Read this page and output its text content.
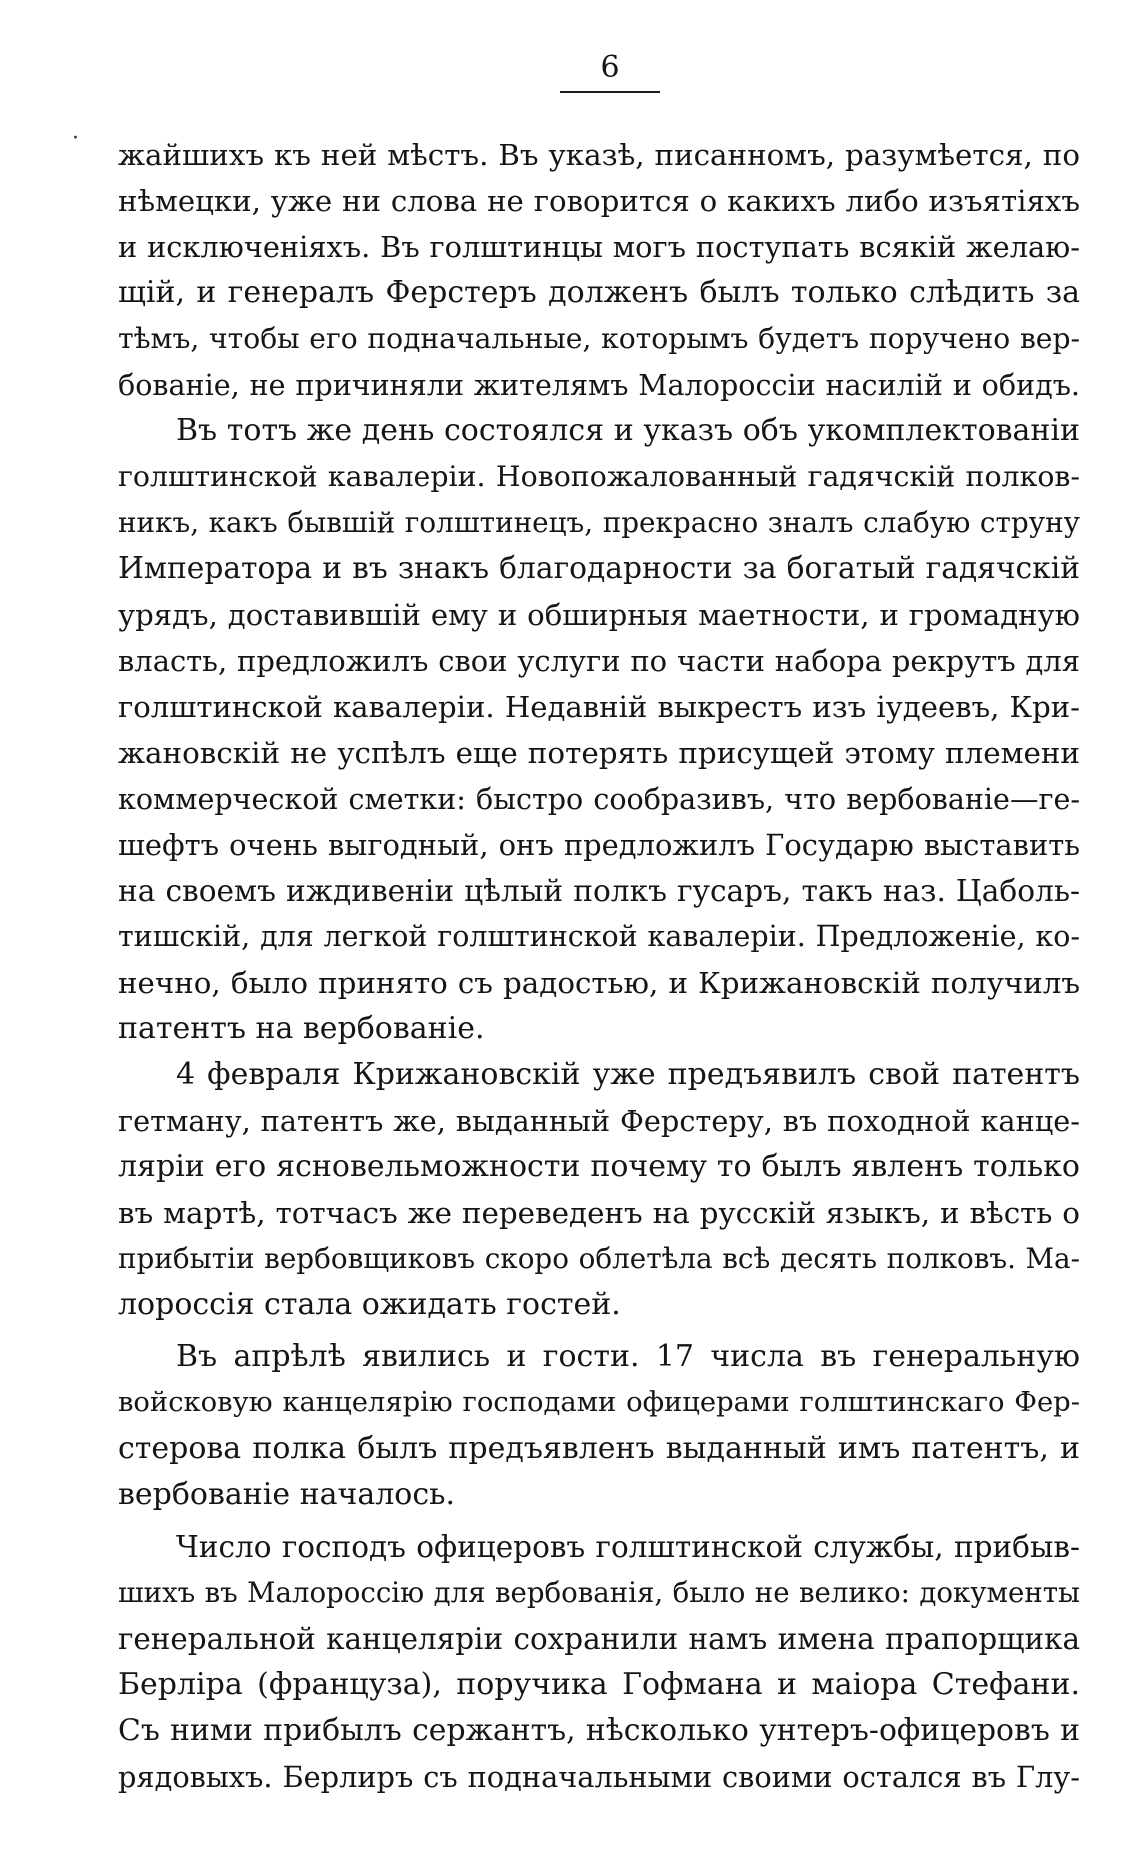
6
· жайшихъ къ ней мѣстъ. Въ указѣ, писанномъ, разумѣется, по
нѣмецки, уже ни слова не говорится о какихъ либо изъятіяхъ
и исключеніяхъ. Въ голштинцы могъ поступать всякій желаю-
щій, и генералъ Ферстеръ долженъ былъ только слѣдить за
тѣмъ, чтобы его подначальные, которымъ будетъ поручено вер-
бованіе, не причиняли жителямъ Малороссіи насилій и обидъ.
Въ тотъ же день состоялся и указъ объ укомплектованіи
голштинской кавалеріи. Новопожалованный гадячскій полков-
никъ, какъ бывшій голштинецъ, прекрасно зналъ слабую струну
Императора и въ знакъ благодарности за богатый гадячскій
урядъ, доставившій ему и обширныя маетности, и громадную
власть, предложилъ свои услуги по части набора рекрутъ для
голштинской кавалеріи. Недавній выкрестъ изъ іудеевъ, Кри-
жановскій не успѣлъ еще потерять присущей этому племени
коммерческой сметки: быстро сообразивъ, что вербованіе—ге-
шефтъ очень выгодный, онъ предложилъ Государю выставить
на своемъ иждивеніи цѣлый полкъ гусаръ, такъ наз. Цаболь-
тишскій, для легкой голштинской кавалеріи. Предложеніе, ко-
нечно, было принято съ радостью, и Крижановскій получилъ
патентъ на вербованіе.
4 февраля Крижановскій уже предъявилъ свой патентъ
гетману, патентъ же, выданный Ферстеру, въ походной канце-
ляріи его ясновельможности почему то былъ явленъ только
въ мартѣ, тотчасъ же переведенъ на русскій языкъ, и вѣсть о
прибытіи вербовщиковъ скоро облетѣла всѣ десять полковъ. Ма-
лороссія стала ожидать гостей.
Въ апрѣлѣ явились и гости. 17 числа въ генеральную
войсковую канцелярію господами офицерами голштинскаго Фер-
стерова полка былъ предъявленъ выданный имъ патентъ, и
вербованіе началось.
Число господъ офицеровъ голштинской службы, прибыв-
шихъ въ Малороссію для вербованія, было не велико: документы
генеральной канцеляріи сохранили намъ имена прапорщика
Берліра (француза), поручика Гофмана и маіора Стефани.
Съ ними прибылъ сержантъ, нѣсколько унтеръ-офицеровъ и
рядовыхъ. Берлиръ съ подначальными своими остался въ Глу-
